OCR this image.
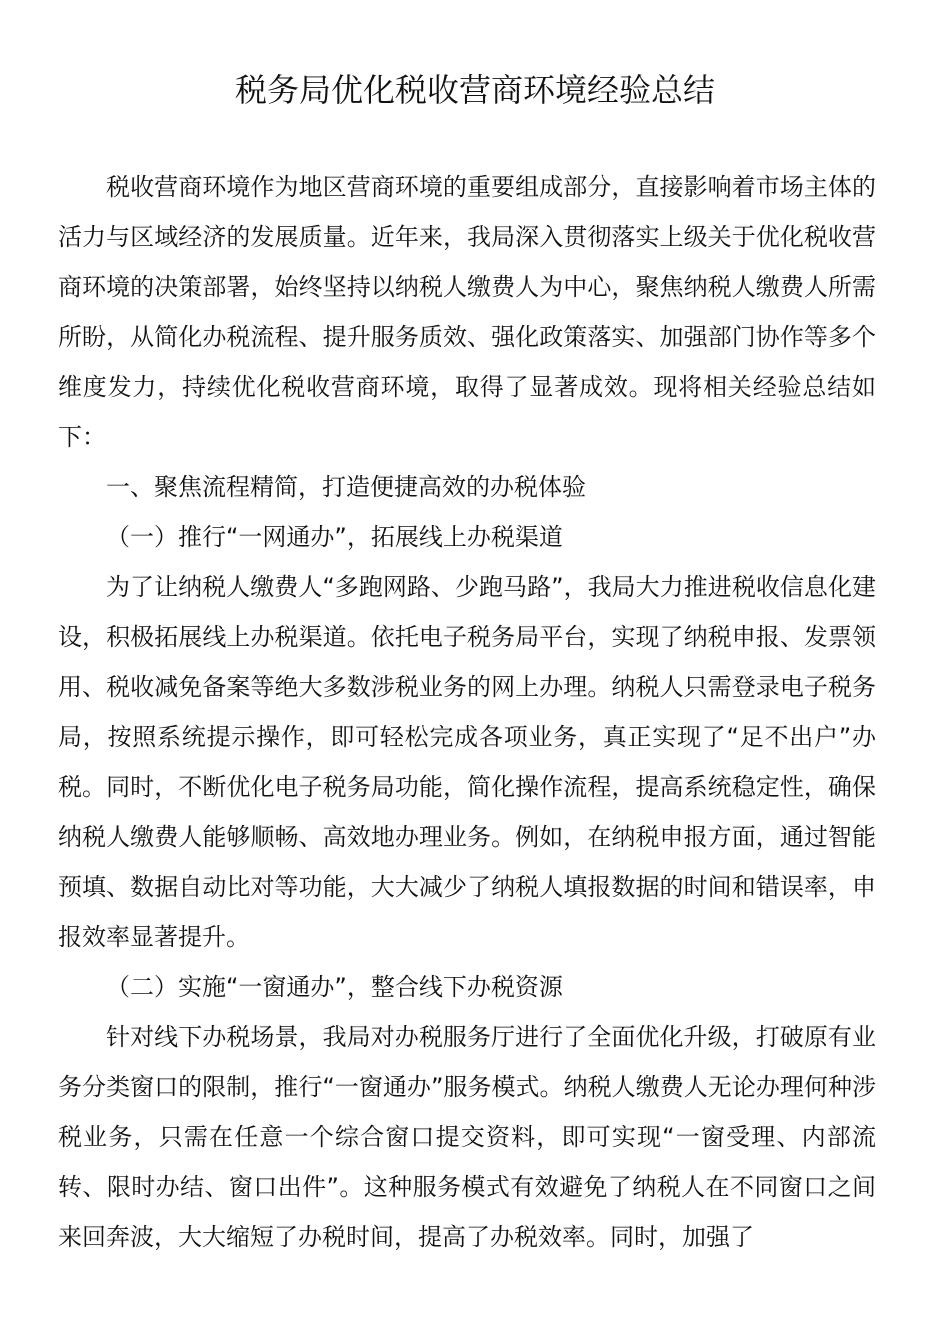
税务局优化税收营商环境经验总结

税收营商环境作为地区营商环境的重要组成部分，直接影响着市场主体的活力与区域经济的发展质量。近年来，我局深入贯彻落实上级关于优化税收营商环境的决策部署，始终坚持以纳税人缴费人为中心，聚焦纳税人缴费人所需所盼，从简化办税流程、提升服务质效、强化政策落实、加强部门协作等多个维度发力，持续优化税收营商环境，取得了显著成效。现将相关经验总结如下：

一、聚焦流程精简，打造便捷高效的办税体验

（一）推行“一网通办”，拓展线上办税渠道

为了让纳税人缴费人“多跑网路、少跑马路”，我局大力推进税收信息化建设，积极拓展线上办税渠道。依托电子税务局平台，实现了纳税申报、发票领用、税收减免备案等绝大多数涉税业务的网上办理。纳税人只需登录电子税务局，按照系统提示操作，即可轻松完成各项业务，真正实现了“足不出户”办税。同时，不断优化电子税务局功能，简化操作流程，提高系统稳定性，确保纳税人缴费人能够顺畅、高效地办理业务。例如，在纳税申报方面，通过智能预填、数据自动比对等功能，大大减少了纳税人填报数据的时间和错误率，申报效率显著提升。

（二）实施“一窗通办”，整合线下办税资源

针对线下办税场景，我局对办税服务厅进行了全面优化升级，打破原有业务分类窗口的限制，推行“一窗通办”服务模式。纳税人缴费人无论办理何种涉税业务，只需在任意一个综合窗口提交资料，即可实现“一窗受理、内部流转、限时办结、窗口出件”。这种服务模式有效避免了纳税人在不同窗口之间来回奔波，大大缩短了办税时间，提高了办税效率。同时，加强了
